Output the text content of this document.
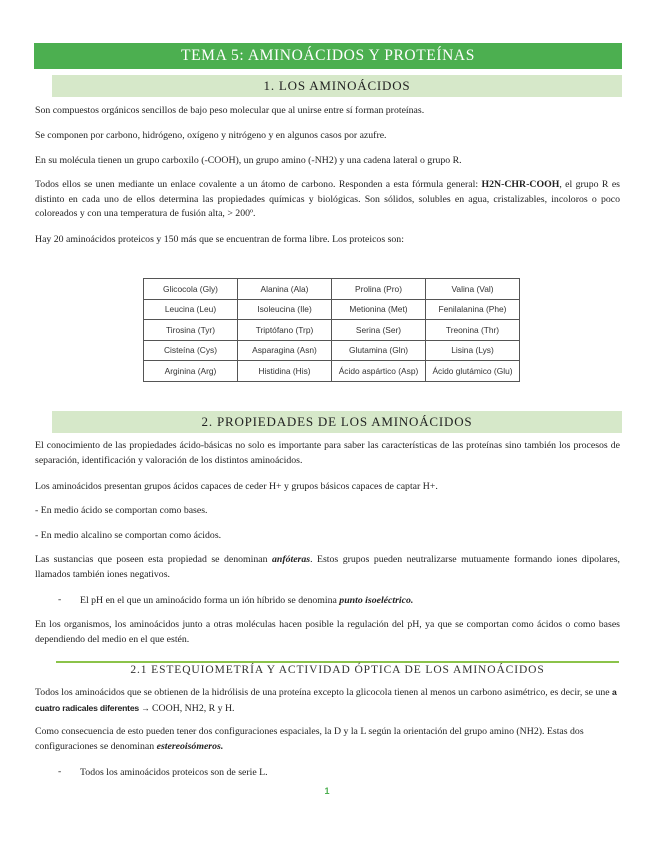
TEMA 5: AMINOÁCIDOS Y PROTEÍNAS
1. LOS AMINOÁCIDOS

Son compuestos orgánicos sencillos de bajo peso molecular que al unirse entre sí forman proteínas.

Se componen por carbono, hidrógeno, oxígeno y nitrógeno y en algunos casos por azufre.

En su molécula tienen un grupo carboxilo (-COOH), un grupo amino (-NH2) y una cadena lateral o grupo R.

Todos ellos se unen mediante un enlace covalente a un átomo de carbono. Responden a esta fórmula general: H2N-CHR-COOH, el grupo R es distinto en cada uno de ellos determina las propiedades químicas y biológicas. Son sólidos, solubles en agua, cristalizables, incoloros o poco coloreados y con una temperatura de fusión alta, > 200º.

Hay 20 aminoácidos proteicos y 150 más que se encuentran de forma libre. Los proteicos son:

Glicocola (Gly)	Alanina (Ala)	Prolina (Pro)	Valina (Val)
Leucina (Leu)	Isoleucina (Ile)	Metionina (Met)	Fenilalanina (Phe)
Tirosina (Tyr)	Triptófano (Trp)	Serina (Ser)	Treonina (Thr)
Cisteína (Cys)	Asparagina (Asn)	Glutamina (Gln)	Lisina (Lys)
Arginina (Arg)	Histidina (His)	Ácido aspártico (Asp)	Ácido glutámico (Glu)
2. PROPIEDADES DE LOS AMINOÁCIDOS

El conocimiento de las propiedades ácido-básicas no solo es importante para saber las características de las proteínas sino también los procesos de separación, identificación y valoración de los distintos aminoácidos.

Los aminoácidos presentan grupos ácidos capaces de ceder H+ y grupos básicos capaces de captar H+.

- En medio ácido se comportan como bases.

- En medio alcalino se comportan como ácidos.

Las sustancias que poseen esta propiedad se denominan anfóteras. Estos grupos pueden neutralizarse mutuamente formando iones dipolares, llamados también iones negativos.

- El pH en el que un aminoácido forma un ión híbrido se denomina punto isoeléctrico.

En los organismos, los aminoácidos junto a otras moléculas hacen posible la regulación del pH, ya que se comportan como ácidos o como bases dependiendo del medio en el que estén.

2.1 ESTEQUIOMETRÍA Y ACTIVIDAD ÓPTICA DE LOS AMINOÁCIDOS

Todos los aminoácidos que se obtienen de la hidrólisis de una proteína excepto la glicocola tienen al menos un carbono asimétrico, es decir, se une a cuatro radicales diferentes → COOH, NH2, R y H.

Como consecuencia de esto pueden tener dos configuraciones espaciales, la D y la L según la orientación del grupo amino (NH2). Estas dos configuraciones se denominan estereoisómeros.

- Todos los aminoácidos proteicos son de serie L.

1
